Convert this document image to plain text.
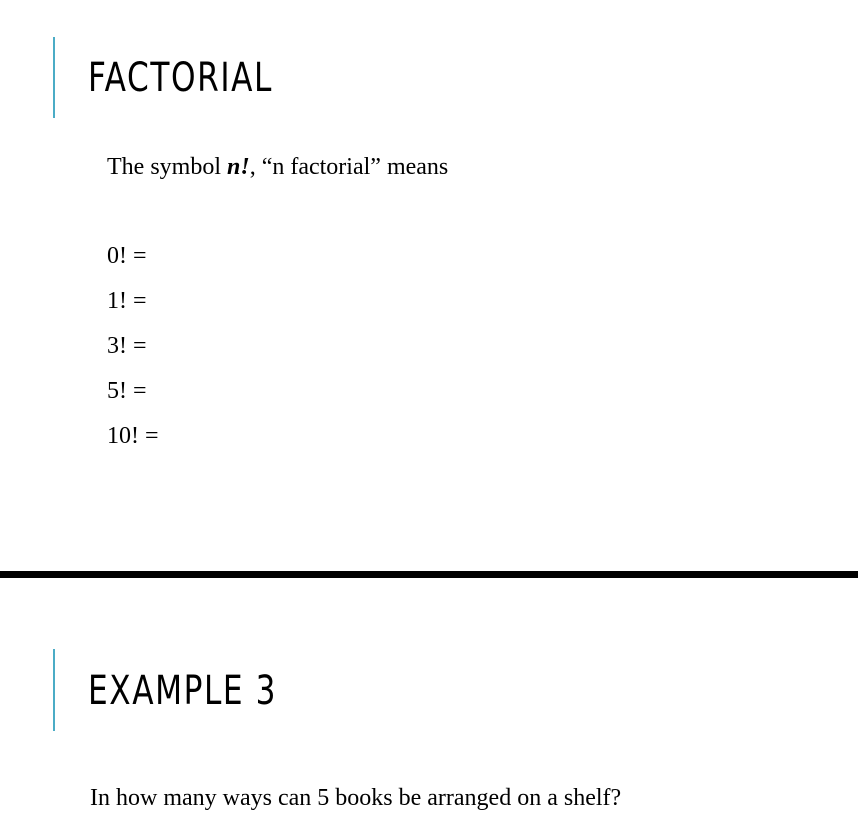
FACTORIAL

The symbol n!, “n factorial” means

0! =
1! =
3! =
5! =
10! =
EXAMPLE 3

In how many ways can 5 books be arranged on a shelf?
